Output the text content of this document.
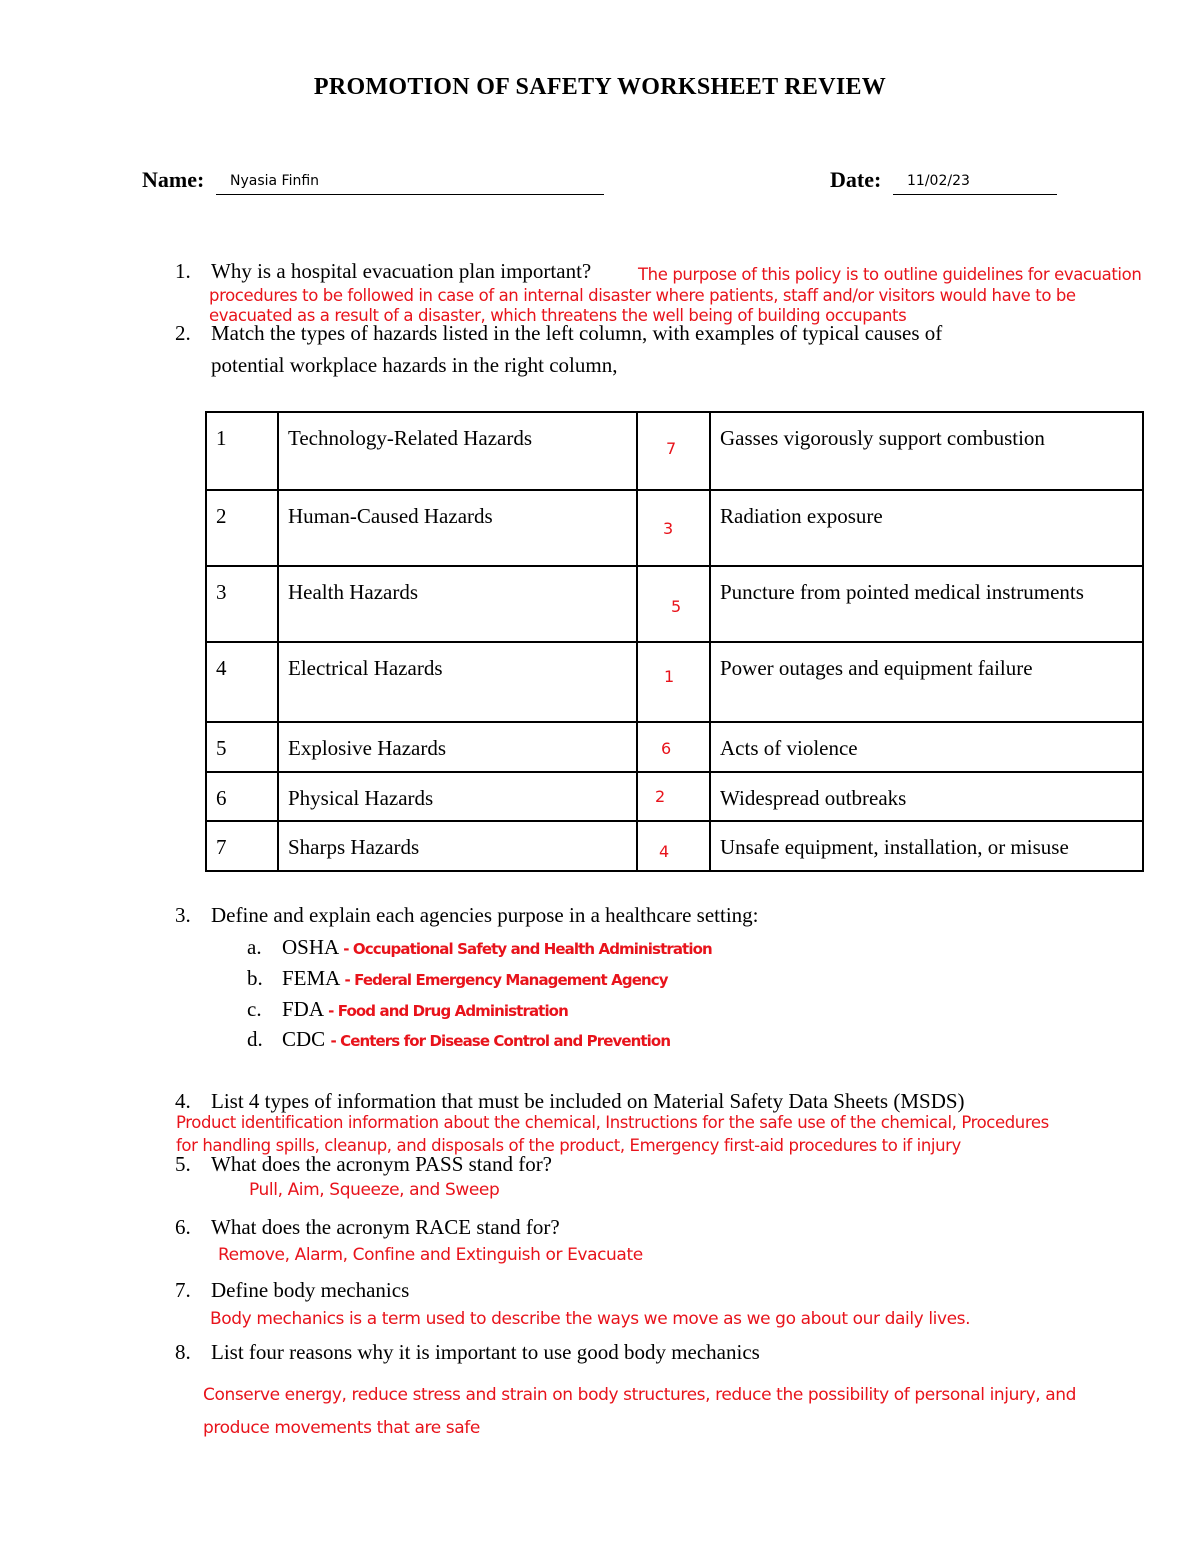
PROMOTION OF SAFETY WORKSHEET REVIEW
Name: Nyasia Finfin	Date: 11/02/23
1. Why is a hospital evacuation plan important?	The purpose of this policy is to outline guidelines for evacuation
procedures to be followed in case of an internal disaster where patients, staff and/or visitors would have to be
evacuated as a result of a disaster, which threatens the well being of building occupants
2. Match the types of hazards listed in the left column, with examples of typical causes of
potential workplace hazards in the right column,
1	Technology-Related Hazards	7	Gasses vigorously support combustion
2	Human-Caused Hazards	3	Radiation exposure
3	Health Hazards	5	Puncture from pointed medical instruments
4	Electrical Hazards	1	Power outages and equipment failure
5	Explosive Hazards	6	Acts of violence
6	Physical Hazards	2	Widespread outbreaks
7	Sharps Hazards	4	Unsafe equipment, installation, or misuse
3. Define and explain each agencies purpose in a healthcare setting:
a. OSHA - Occupational Safety and Health Administration
b. FEMA - Federal Emergency Management Agency
c. FDA - Food and Drug Administration
d. CDC - Centers for Disease Control and Prevention
4. List 4 types of information that must be included on Material Safety Data Sheets (MSDS)
Product identification information about the chemical, Instructions for the safe use of the chemical, Procedures
for handling spills, cleanup, and disposals of the product, Emergency first-aid procedures to if injury
5. What does the acronym PASS stand for?
Pull, Aim, Squeeze, and Sweep
6. What does the acronym RACE stand for?
Remove, Alarm, Confine and Extinguish or Evacuate
7. Define body mechanics
Body mechanics is a term used to describe the ways we move as we go about our daily lives.
8. List four reasons why it is important to use good body mechanics
Conserve energy, reduce stress and strain on body structures, reduce the possibility of personal injury, and
produce movements that are safe
